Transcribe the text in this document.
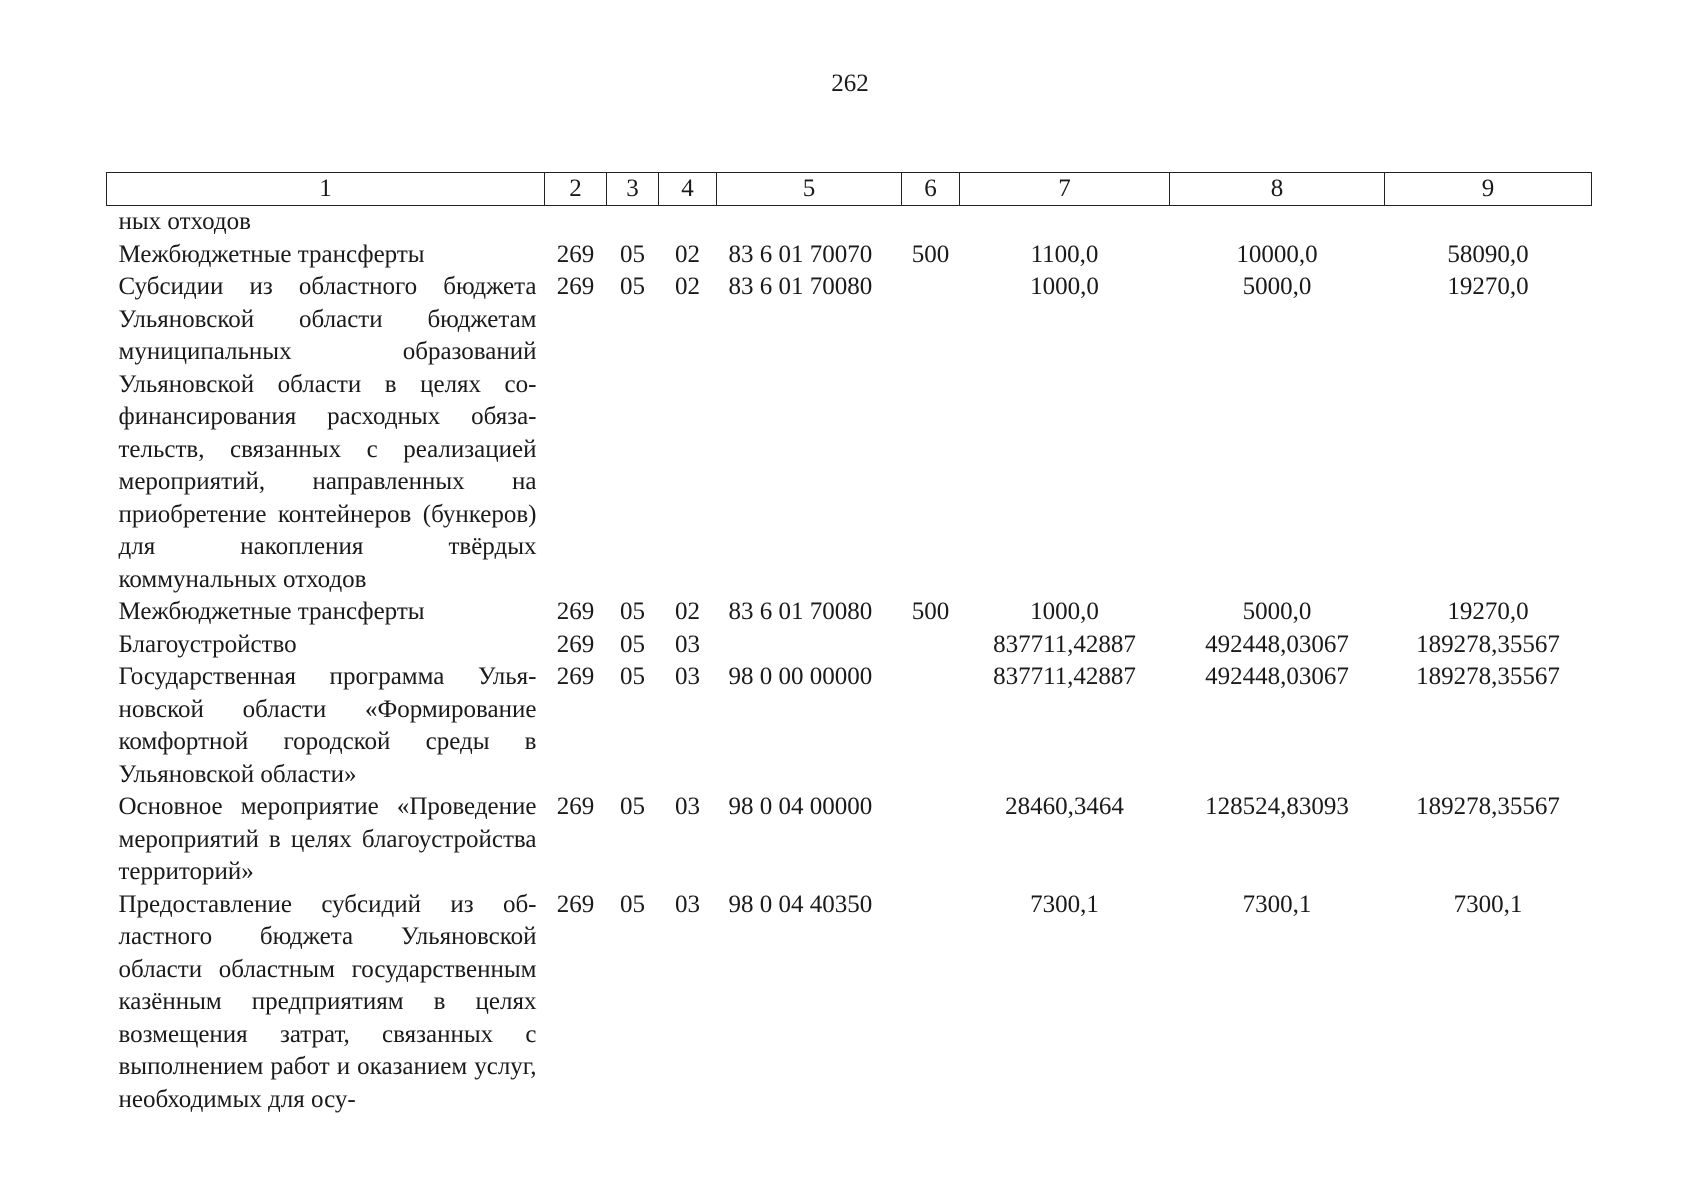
262
1	2	3	4	5	6	7	8	9
ных отходов								
Межбюджетные трансферты	269	05	02	83 6 01 70070	500	1100,0	10000,0	58090,0
Субсидии из областного бюджета Ульяновской области бюджетам муниципальных образований Ульяновской области в целях софинансирования расходных обязательств, связанных с реализацией мероприятий, направленных на приобретение контейнеров (бункеров) для накопления твёрдых коммунальных отходов	269	05	02	83 6 01 70080		1000,0	5000,0	19270,0
Межбюджетные трансферты	269	05	02	83 6 01 70080	500	1000,0	5000,0	19270,0
Благоустройство	269	05	03			837711,42887	492448,03067	189278,35567
Государственная программа Ульяновской области «Формирование комфортной городской среды в Ульяновской области»	269	05	03	98 0 00 00000		837711,42887	492448,03067	189278,35567
Основное мероприятие «Проведение мероприятий в целях благоустройства территорий»	269	05	03	98 0 04 00000		28460,3464	128524,83093	189278,35567
Предоставление субсидий из областного бюджета Ульяновской области областным государственным казённым предприятиям в целях возмещения затрат, связанных с выполнением работ и оказанием услуг, необходимых для осу-	269	05	03	98 0 04 40350		7300,1	7300,1	7300,1
